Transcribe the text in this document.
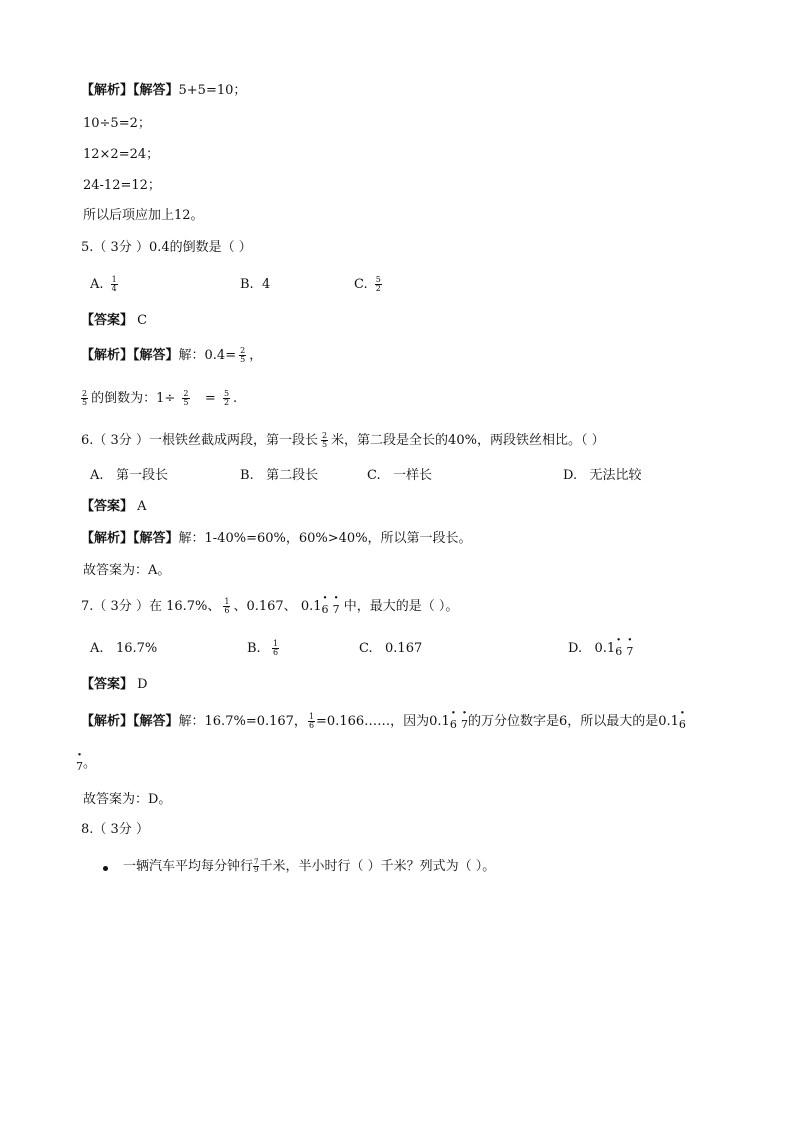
【解析】【解答】5+5=10；
10÷5=2；
12×2=24；
24-12=12；
所以后项应加上12。
5.（ 3分 ）0.4的倒数是（ ）
A. $\frac{1}{4}$	B. 4	C. $\frac{5}{2}$
【答案】 C
【解析】【解答】解：$0.4= \frac{2}{5}$ ，
$\frac{2}{5}$ 的倒数为：$1\div \frac{2}{5} = \frac{5}{2}$ .
6.（ 3分 ）一根铁丝截成两段，第一段长 $\frac{2}{5}$ 米，第二段是全长的40%，两段铁丝相比。（ ）
A. 第一段长	B. 第二段长	C. 一样长	D. 无法比较
【答案】 A
【解析】【解答】解：1-40%=60%，60%>40%，所以第一段长。
故答案为：A。
7.（ 3分 ）在 16.7%、 $\frac{1}{6}$ 、0.167、 0.1· 6 · 7 中，最大的是（ ）。
A. 16.7%	B. $\frac{1}{6}$	C. 0.167	D. 0.1· 6 · 7
【答案】 D
【解析】【解答】解：16.7%=0.167， $\frac{1}{6}$ =0.166……，因为0.1· 6 · 7的万分位数字是6，所以最大的是0.1· 6
· 7。
故答案为：D。
8.（ 3分 ）
一辆汽车平均每分钟行 $\frac{7}{9}$ 千米，半小时行（ ）千米？列式为（ ）。
